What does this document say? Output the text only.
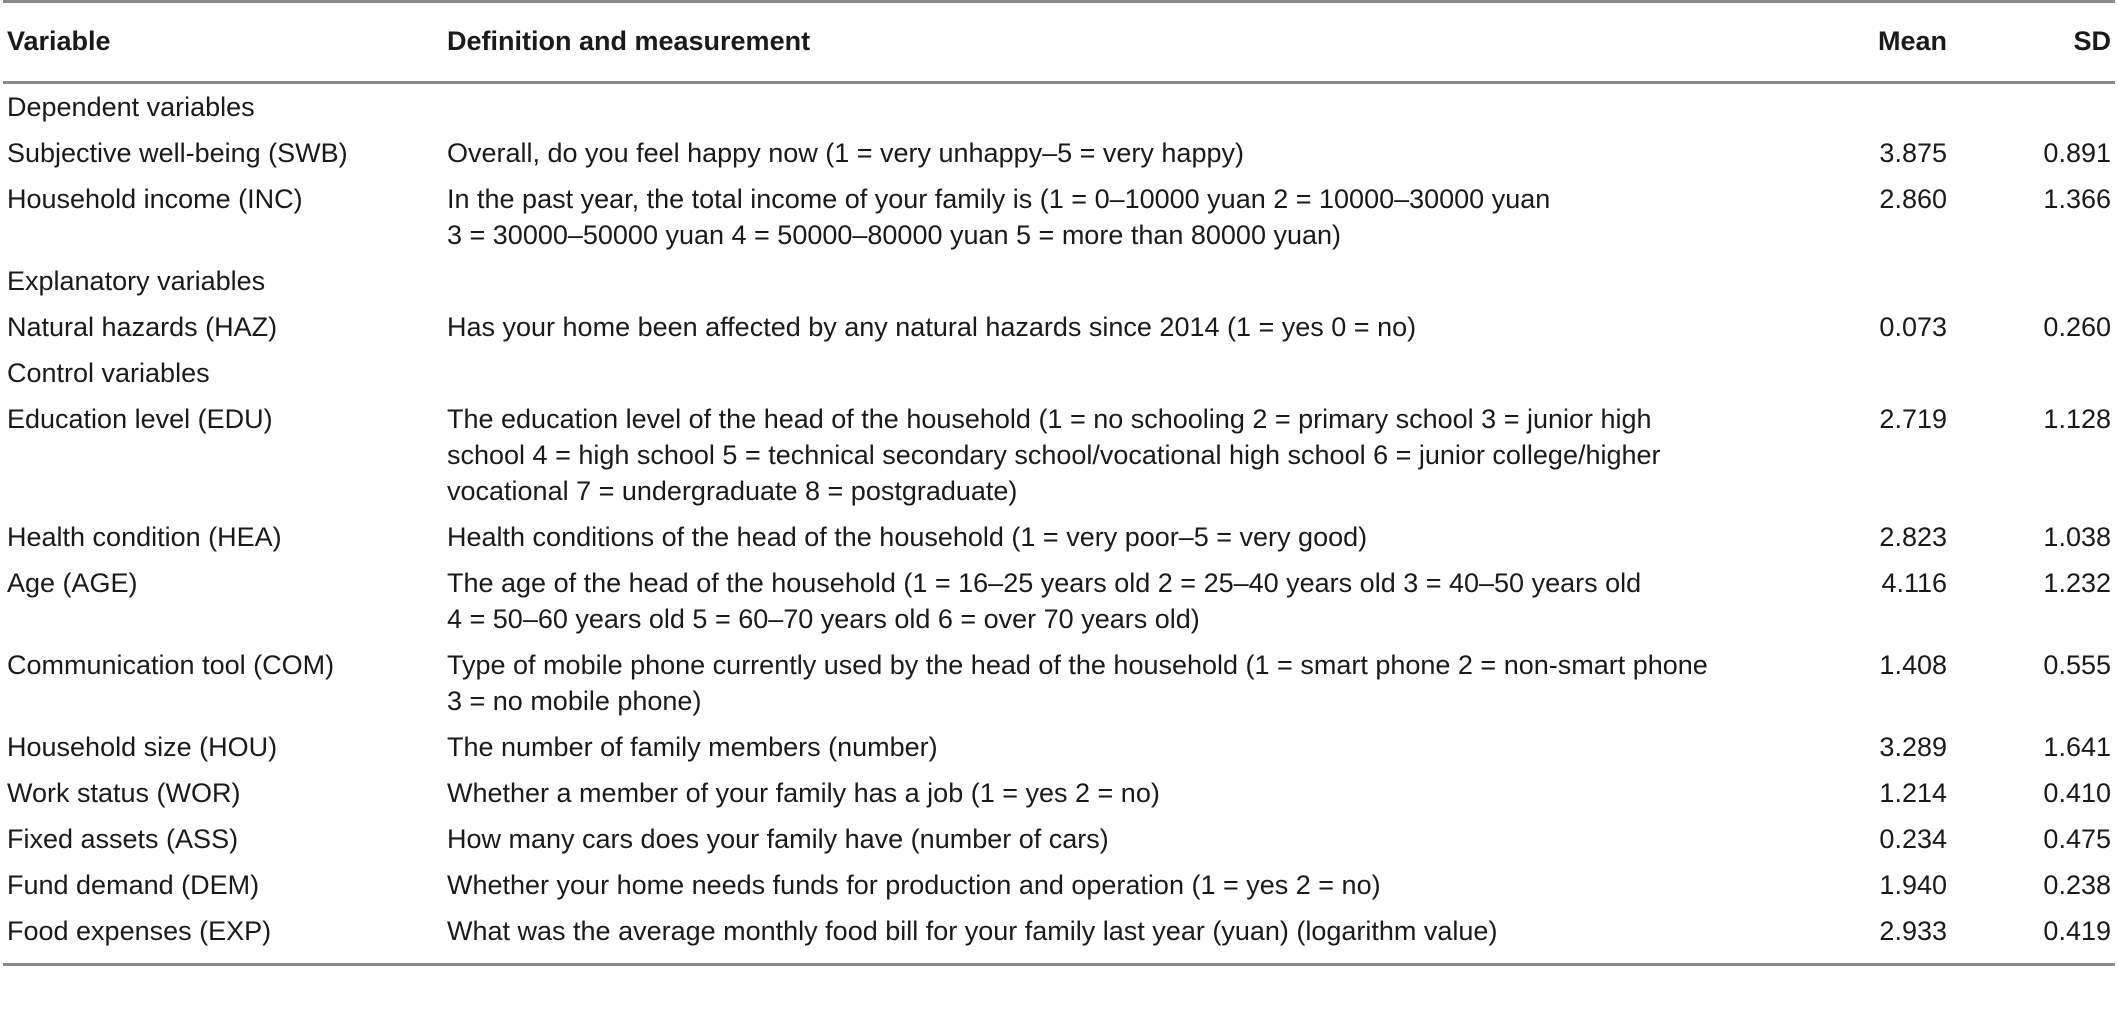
Variable	Definition and measurement	Mean	SD
Dependent variables			
Subjective well-being (SWB)	Overall, do you feel happy now (1 = very unhappy–5 = very happy)	3.875	0.891
Household income (INC)	In the past year, the total income of your family is (1 = 0–10000 yuan 2 = 10000–30000 yuan
3 = 30000–50000 yuan 4 = 50000–80000 yuan 5 = more than 80000 yuan)	2.860	1.366
Explanatory variables			
Natural hazards (HAZ)	Has your home been affected by any natural hazards since 2014 (1 = yes 0 = no)	0.073	0.260
Control variables			
Education level (EDU)	The education level of the head of the household (1 = no schooling 2 = primary school 3 = junior high
school 4 = high school 5 = technical secondary school/vocational high school 6 = junior college/higher
vocational 7 = undergraduate 8 = postgraduate)	2.719	1.128
Health condition (HEA)	Health conditions of the head of the household (1 = very poor–5 = very good)	2.823	1.038
Age (AGE)	The age of the head of the household (1 = 16–25 years old 2 = 25–40 years old 3 = 40–50 years old
4 = 50–60 years old 5 = 60–70 years old 6 = over 70 years old)	4.116	1.232
Communication tool (COM)	Type of mobile phone currently used by the head of the household (1 = smart phone 2 = non-smart phone
3 = no mobile phone)	1.408	0.555
Household size (HOU)	The number of family members (number)	3.289	1.641
Work status (WOR)	Whether a member of your family has a job (1 = yes 2 = no)	1.214	0.410
Fixed assets (ASS)	How many cars does your family have (number of cars)	0.234	0.475
Fund demand (DEM)	Whether your home needs funds for production and operation (1 = yes 2 = no)	1.940	0.238
Food expenses (EXP)	What was the average monthly food bill for your family last year (yuan) (logarithm value)	2.933	0.419
